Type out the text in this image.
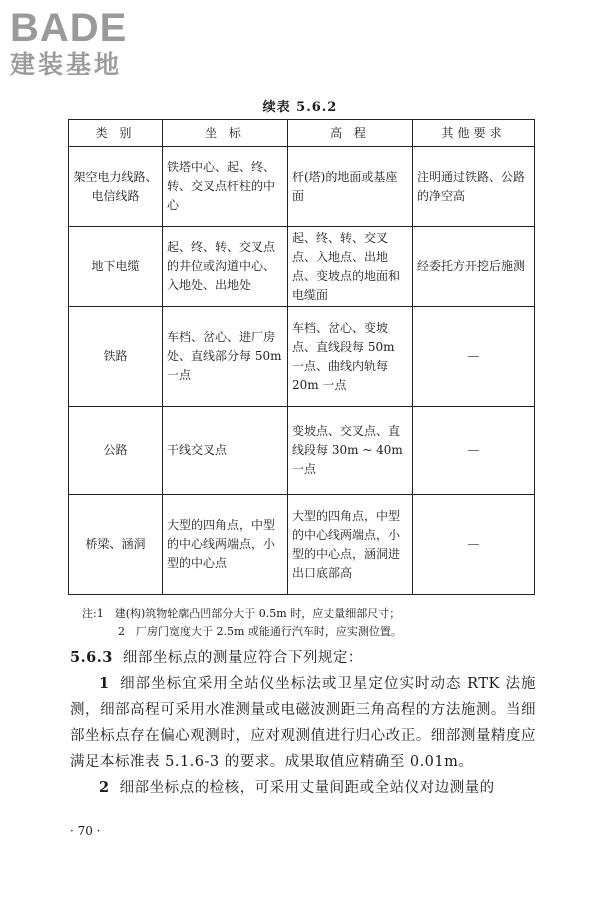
BADE
建装基地
续表 5.6.2
类 别	坐 标	高 程	其他要求
架空电力线路、电信线路	铁塔中心、起、终、转、交叉点杆柱的中心	杆(塔)的地面或基座面	注明通过铁路、公路的净空高
地下电缆	起、终、转、交叉点的井位或沟道中心、入地处、出地处	起、终、转、交叉点、入地点、出地点、变坡点的地面和电缆面	经委托方开挖后施测
铁路	车档、岔心、进厂房处、直线部分每 50m 一点	车档、岔心、变坡点、直线段每 50m 一点、曲线内轨每 20m 一点	—
公路	干线交叉点	变坡点、交叉点、直线段每 30m ~ 40m 一点	—
桥梁、涵洞	大型的四角点，中型的中心线两端点，小型的中心点	大型的四角点，中型的中心线两端点，小型的中心点，涵洞进出口底部高	—
注:1　建(构)筑物轮廓凸凹部分大于 0.5m 时，应丈量细部尺寸；
2　厂房门宽度大于 2.5m 或能通行汽车时，应实测位置。

5.6.3 细部坐标点的测量应符合下列规定：

1 细部坐标宜采用全站仪坐标法或卫星定位实时动态 RTK 法施测，细部高程可采用水准测量或电磁波测距三角高程的方法施测。当细部坐标点存在偏心观测时，应对观测值进行归心改正。细部测量精度应满足本标准表 5.1.6-3 的要求。成果取值应精确至 0.01m。

2 细部坐标点的检核，可采用丈量间距或全站仪对边测量的

· 70 ·
